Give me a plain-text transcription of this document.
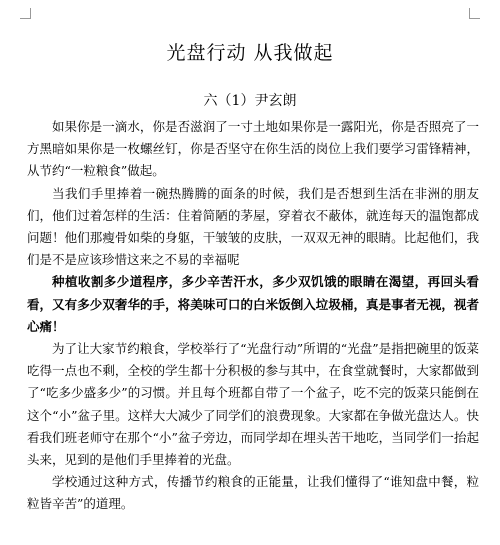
光盘行动 从我做起
六（1）尹玄朗

如果你是一滴水，你是否滋润了一寸土地如果你是一露阳光，你是否照亮了一方黑暗如果你是一枚螺丝钉，你是否坚守在你生活的岗位上我们要学习雷锋精神，从节约“一粒粮食”做起。

当我们手里捧着一碗热腾腾的面条的时候，我们是否想到生活在非洲的朋友们，他们过着怎样的生活：住着简陋的茅屋，穿着衣不蔽体，就连每天的温饱都成问题！他们那瘦骨如柴的身躯，干皱皱的皮肤，一双双无神的眼睛。比起他们，我们是不是应该珍惜这来之不易的幸福呢

种植收割多少道程序，多少辛苦汗水，多少双饥饿的眼睛在渴望，再回头看看，又有多少双奢华的手，将美味可口的白米饭倒入垃圾桶，真是事者无视，视者心痛！

为了让大家节约粮食，学校举行了“光盘行动”所谓的“光盘”是指把碗里的饭菜吃得一点也不剩，全校的学生都十分积极的参与其中，在食堂就餐时，大家都做到了“吃多少盛多少”的习惯。并且每个班都自带了一个盆子，吃不完的饭菜只能倒在这个“小”盆子里。这样大大减少了同学们的浪费现象。大家都在争做光盘达人。快看我们班老师守在那个“小”盆子旁边，而同学却在埋头苦干地吃，当同学们一抬起头来，见到的是他们手里捧着的光盘。

学校通过这种方式，传播节约粮食的正能量，让我们懂得了“谁知盘中餐，粒粒皆辛苦”的道理。
